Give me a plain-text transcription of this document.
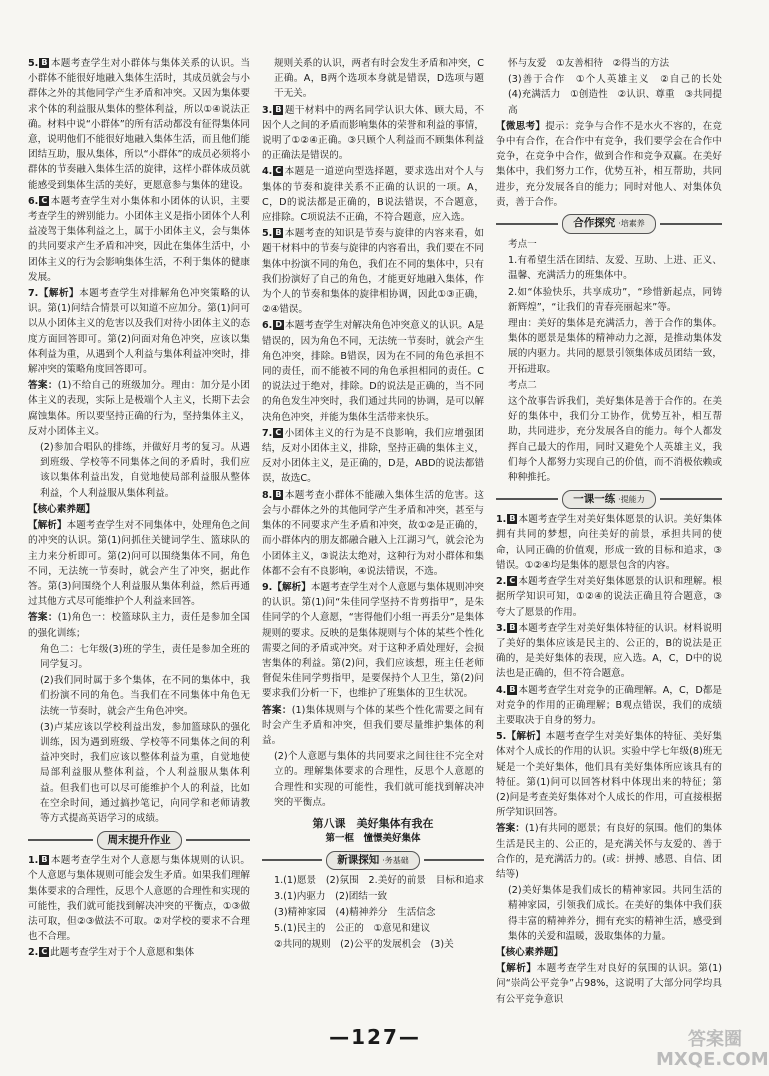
5. B 本题考查学生对小群体与集体关系的认识。当小群体不能很好地融入集体生活时，其成员就会与小群体之外的其他同学产生矛盾和冲突。又因为集体要求个体的利益服从集体的整体利益，所以①④说法正确。材料中说“小群体”的所有活动都没有征得集体同意，说明他们不能很好地融入集体生活，而且他们能团结互助，服从集体，所以“小群体”的成员必须将小群体的节奏融入集体生活的旋律，这样小群体成员就能感受到集体生活的美好，更愿意参与集体的建设。

6. C 本题考查学生对小集体和小团体的认识，主要考查学生的辨别能力。小团体主义是指小团体个人利益凌驾于集体利益之上，属于小团体主义，会与集体的共同要求产生矛盾和冲突，因此在集体生活中，小团体主义的行为会影响集体生活，不利于集体的健康发展。

7.【解析】本题考查学生对排解角色冲突策略的认识。第(1)问结合情景可以知道不应加分。第(1)问可以从小团体主义的危害以及我们对待小团体主义的态度方面回答即可。第(2)问面对角色冲突，应该以集体利益为重，从遇到个人利益与集体利益冲突时，排解冲突的策略角度回答即可。

答案：(1)不给自己的班级加分。理由：加分是小团体主义的表现，实际上是极端个人主义，长期下去会腐蚀集体。所以要坚持正确的行为，坚持集体主义，反对小团体主义。

(2)参加合唱队的排练，并做好月考的复习。从遇到班级、学校等不同集体之间的矛盾时，我们应该以集体利益出发，自觉地使局部利益服从整体利益，个人利益服从集体利益。

【核心素养题】

【解析】本题考查学生对不同集体中，处理角色之间的冲突的认识。第(1)问抓住关键词学生、篮球队的主力来分析即可。第(2)问可以围绕集体不同，角色不同，无法统一节奏时，就会产生了冲突，据此作答。第(3)问围绕个人利益服从集体利益，然后再通过其他方式尽可能维护个人利益来回答。

答案：(1)角色一：校篮球队主力，责任是参加全国的强化训练；

角色二：七年级(3)班的学生，责任是参加全班的同学复习。

(2)我们同时属于多个集体，在不同的集体中，我们扮演不同的角色。当我们在不同集体中角色无法统一节奏时，就会产生角色冲突。

(3)卢某应该以学校利益出发，参加篮球队的强化训练，因为遇到班级、学校等不同集体之间的利益冲突时，我们应该以整体利益为重，自觉地使局部利益服从整体利益，个人利益服从集体利益。但我们也可以尽可能维护个人的利益，比如在空余时间，通过搞抄笔记，向同学和老师请教等方式提高英语学习的成绩。

周末提升作业

1. B 本题考查学生对个人意愿与集体规则的认识。个人意愿与集体规则可能会发生矛盾。如果我们理解集体要求的合理性，反思个人意愿的合理性和实现的可能性，我们就可能找到解决冲突的平衡点，①③做法可取，但②③做法不可取。②对学校的要求不合理也不合理。

2. C 此题考查学生对于个人意愿和集体

规则关系的认识，两者有时会发生矛盾和冲突，C正确。A，B两个选项本身就是错误，D选项与题干无关。

3. B 题干材料中的两名同学认识大体、顾大局，不因个人之间的矛盾而影响集体的荣誉和利益的事情，说明了①②④正确。③只顾个人利益而不顾集体利益的正确法是错误的。

4. C 本题是一道逆向型选择题，要求选出对个人与集体的节奏和旋律关系不正确的认识的一项。A，C，D的说法都是正确的，B说法错误，不合题意，应排除。C项说法不正确，不符合题意，应入选。

5. B 本题考查的知识是节奏与旋律的内容来看，如题干材料中的节奏与旋律的内容看出，我们要在不同集体中扮演不同的角色，我们在不同的集体中，只有我们扮演好了自己的角色，才能更好地融入集体，作为个人的节奏和集体的旋律相协调，因此①③正确，②④错误。

6. D 本题考查学生对解决角色冲突意义的认识。A是错误的，因为角色不同，无法统一节奏时，就会产生角色冲突，排除。B错误，因为在不同的角色承担不同的责任，而不能被不同的角色承担相同的责任。C的说法过于绝对，排除。D的说法是正确的，当不同的角色发生冲突时，我们通过共同的协调，是可以解决角色冲突，并能为集体生活带来快乐。

7. C 小团体主义的行为是不良影响，我们应增强团结，反对小团体主义，排除，坚持正确的集体主义，反对小团体主义，是正确的，D是，ABD的说法都错误，故选C。

8. B 本题考查小群体不能融入集体生活的危害。这会与小群体之外的其他同学产生矛盾和冲突，甚至与集体的不同要求产生矛盾和冲突，故①②是正确的，而小群体内的朋友都融合融入上江湖习气，就会沦为小团体主义，③说法太绝对，这种行为对小群体和集体都不会有不良影响，④说法错误，不选。

9.【解析】本题考查学生对个人意愿与集体规则冲突的认识。第(1)问“朱佳同学坚持不肯剪指甲”，是朱佳同学的个人意愿，“害得他们小组一再丢分”是集体规则的要求。反映的是集体规则与个体的某些个性化需要之间的矛盾或冲突。对于这种矛盾处理好，会损害集体的利益。第(2)问，我们应该想，班主任老师督促朱佳同学剪指甲，是要保持个人卫生，第(2)问要求我们分析一下，也维护了班集体的卫生状况。

答案：(1)集体规则与个体的某些个性化需要之间有时会产生矛盾和冲突，但我们要尽量维护集体的利益。

(2)个人意愿与集体的共同要求之间往往不完全对立的。理解集体要求的合理性，反思个人意愿的合理性和实现的可能性，我们就可能找到解决冲突的平衡点。

第八课　美好集体有我在
第一框　憧憬美好集体
新课探知 ·务基础

1.(1)愿景　(2)氛围　2.美好的前景　目标和追求　3.(1)内驱力　(2)团结一致

(3)精神家园　(4)精神养分　生活信念

5.(1)民主的　公正的　①意见和建议

②共同的规则　(2)公平的发展机会　(3)关

怀与友爱　①友善相待　②得当的方法

(3)善于合作　①个人英雄主义　②自己的长处　(4)充满活力　①创造性　②认识、尊重　③共同提高

【微思考】提示：竞争与合作不是水火不容的，在竞争中有合作，在合作中有竞争，我们要学会在合作中竞争，在竞争中合作，做到合作和竞争双赢。在美好集体中，我们努力工作，优势互补，相互帮助，共同进步，充分发展各自的能力；同时对他人、对集体负责，善于合作。

合作探究 ·培素养

考点一

1.有希望生活在团结、友爱、互助、上进、正义、温馨、充满活力的班集体中。

2.如“体验快乐，共享成功”，“珍惜新起点，同铸新辉煌”，“让我们的青春亮丽起来”等。

理由：美好的集体是充满活力，善于合作的集体。集体的愿景是集体的精神动力之源，是推动集体发展的内驱力。共同的愿景引领集体成员团结一致，开拓进取。

考点二

这个故事告诉我们，美好集体是善于合作的。在美好的集体中，我们分工协作，优势互补，相互帮助，共同进步，充分发展各自的能力。每个人都发挥自己最大的作用，同时又避免个人英雄主义，我们每个人都努力实现自己的价值，而不消极依赖或种种推托。

一课一练 ·提能力

1. B 本题考查学生对美好集体愿景的认识。美好集体拥有共同的梦想，向往美好的前景，承担共同的使命，认同正确的价值观，形成一致的目标和追求，③错误。①②④均是集体的愿景包含的内容。

2. C 本题考查学生对美好集体愿景的认识和理解。根据所学知识可知，①②④的说法正确且符合题意，③夸大了愿景的作用。

3. B 本题考查学生对美好集体特征的认识。材料说明了美好的集体应该是民主的、公正的，B的说法是正确的，是美好集体的表现，应入选。A，C，D中的说法也是正确的，但不符合题意。

4. B 本题考查学生对竞争的正确理解。A，C，D都是对竞争的作用的正确理解；B观点错误，我们的成绩主要取决于自身的努力。

5.【解析】本题考查学生对美好集体的特征、美好集体对个人成长的作用的认识。实验中学七年级(8)班无疑是一个美好集体，他们具有美好集体所应该具有的特征。第(1)问可以回答材料中体现出来的特征；第(2)问是考查美好集体对个人成长的作用，可直接根据所学知识回答。

答案：(1)有共同的愿景；有良好的氛围。他们的集体生活是民主的、公正的，是充满关怀与友爱的、善于合作的，是充满活力的。(或：拼搏、感恩、自信、团结等)

(2)美好集体是我们成长的精神家园。共同生活的精神家园，引领我们成长。在美好的集体中我们获得丰富的精神养分，拥有充实的精神生活，感受到集体的关爱和温暖，汲取集体的力量。

【核心素养题】

【解析】本题考查学生对良好的氛围的认识。第(1)问“崇尚公平竞争”占98%，这说明了大部分同学均具有公平竞争意识

—127—	答案圈 MXQE.COM
